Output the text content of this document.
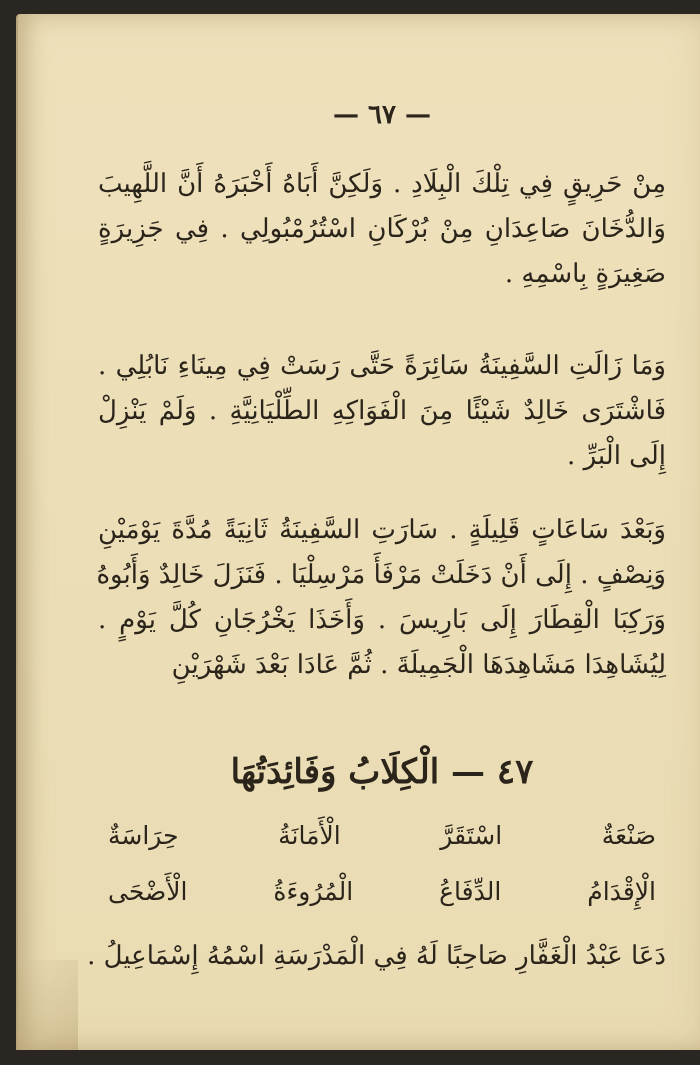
— ٦٧ —
مِنْ حَرِيقٍ فِي تِلْكَ الْبِلَادِ . وَلَكِنَّ أَبَاهُ أَخْبَرَهُ أَنَّ اللَّهِيبَ
وَالدُّخَانَ صَاعِدَانِ مِنْ بُرْكَانِ اسْتُرُمْبُولِي . فِي جَزِيرَةٍ
صَغِيرَةٍ بِاسْمِهِ .
وَمَا زَالَتِ السَّفِينَةُ سَائِرَةً حَتَّى رَسَتْ فِي مِينَاءِ نَابُلِي .
فَاشْتَرَى خَالِدٌ شَيْئًا مِنَ الْفَوَاكِهِ الطِّلْيَانِيَّةِ . وَلَمْ يَنْزِلْ
إِلَى الْبَرِّ .
وَبَعْدَ سَاعَاتٍ قَلِيلَةٍ . سَارَتِ السَّفِينَةُ ثَانِيَةً مُدَّةَ يَوْمَيْنِ
وَنِصْفٍ . إِلَى أَنْ دَخَلَتْ مَرْفَأَ مَرْسِلْيَا . فَنَزَلَ خَالِدٌ وَأَبُوهُ
وَرَكِبَا الْقِطَارَ إِلَى بَارِيسَ . وَأَخَذَا يَخْرُجَانِ كُلَّ يَوْمٍ .
لِيُشَاهِدَا مَشَاهِدَهَا الْجَمِيلَةَ . ثُمَّ عَادَا بَعْدَ شَهْرَيْنِ
٤٧ — الْكِلَابُ وَفَائِدَتُهَا
صَنْعَةٌ
اسْتَقَرَّ
الْأَمَانَةُ
حِرَاسَةٌ
الْإِقْدَامُ
الدِّفَاعُ
الْمُرُوءَةُ
الْأَضْحَى
دَعَا عَبْدُ الْغَفَّارِ صَاحِبًا لَهُ فِي الْمَدْرَسَةِ اسْمُهُ إِسْمَاعِيلُ .
